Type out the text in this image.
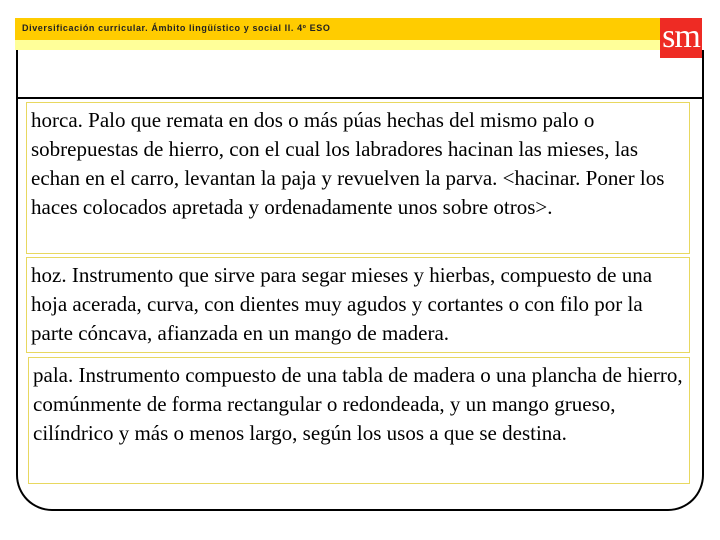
Diversificación curricular. Ámbito lingüístico y social II. 4º ESO	sm
horca. Palo que remata en dos o más púas hechas del mismo palo o sobrepuestas de hierro, con el cual los labradores hacinan las mieses, las echan en el carro, levantan la paja y revuelven la parva. <hacinar. Poner los haces colocados apretada y ordenadamente unos sobre otros>.
hoz. Instrumento que sirve para segar mieses y hierbas, compuesto de una hoja acerada, curva, con dientes muy agudos y cortantes o con filo por la parte cóncava, afianzada en un mango de madera.
pala. Instrumento compuesto de una tabla de madera o una plancha de hierro, comúnmente de forma rectangular o redondeada, y un mango grueso, cilíndrico y más o menos largo, según los usos a que se destina.
